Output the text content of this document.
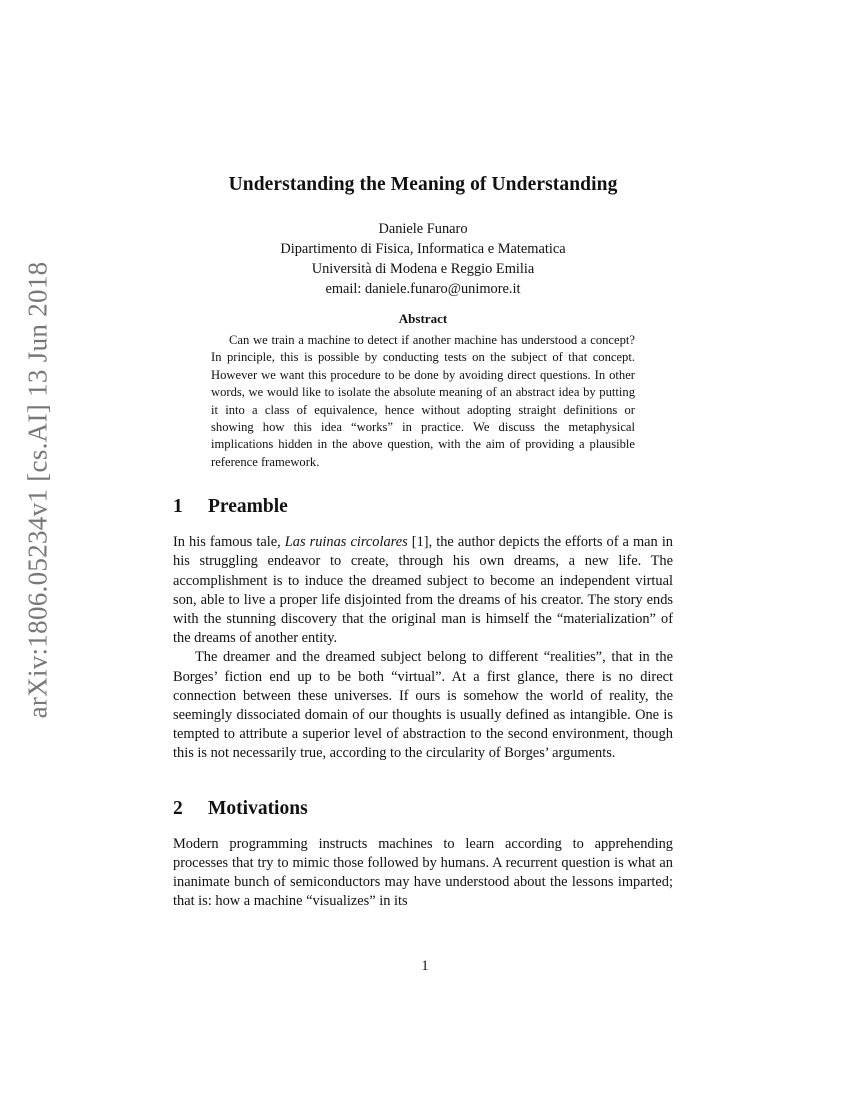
arXiv:1806.05234v1 [cs.AI] 13 Jun 2018
Understanding the Meaning of Understanding
Daniele Funaro
Dipartimento di Fisica, Informatica e Matematica
Università di Modena e Reggio Emilia
email: daniele.funaro@unimore.it
Abstract

Can we train a machine to detect if another machine has understood a concept? In principle, this is possible by conducting tests on the subject of that concept. However we want this procedure to be done by avoiding direct questions. In other words, we would like to isolate the absolute meaning of an abstract idea by putting it into a class of equivalence, hence without adopting straight definitions or showing how this idea “works” in practice. We discuss the metaphysical implications hidden in the above question, with the aim of providing a plausible reference framework.

1 Preamble

In his famous tale, Las ruinas circolares [1], the author depicts the efforts of a man in his struggling endeavor to create, through his own dreams, a new life. The accomplishment is to induce the dreamed subject to become an independent virtual son, able to live a proper life disjointed from the dreams of his creator. The story ends with the stunning discovery that the original man is himself the “materialization” of the dreams of another entity.

The dreamer and the dreamed subject belong to different “realities”, that in the Borges’ fiction end up to be both “virtual”. At a first glance, there is no direct connection between these universes. If ours is somehow the world of reality, the seemingly dissociated domain of our thoughts is usually defined as intangible. One is tempted to attribute a superior level of abstraction to the second environment, though this is not necessarily true, according to the circularity of Borges’ arguments.

2 Motivations

Modern programming instructs machines to learn according to apprehending processes that try to mimic those followed by humans. A recurrent question is what an inanimate bunch of semiconductors may have understood about the lessons imparted; that is: how a machine “visualizes” in its

1
